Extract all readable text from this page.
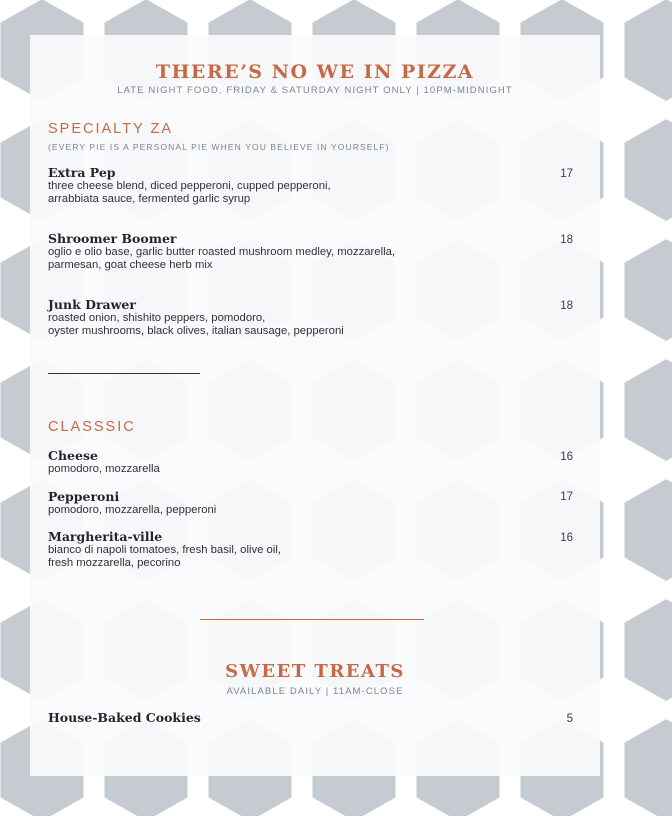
THERE’S NO WE IN PIZZA
LATE NIGHT FOOD, FRIDAY & SATURDAY NIGHT ONLY | 10PM-MIDNIGHT
SPECIALTY ZA
(EVERY PIE IS A PERSONAL PIE WHEN YOU BELIEVE IN YOURSELF)
Extra Pep	17
three cheese blend, diced pepperoni, cupped pepperoni,
arrabbiata sauce, fermented garlic syrup
Shroomer Boomer	18
oglio e olio base, garlic butter roasted mushroom medley, mozzarella,
parmesan, goat cheese herb mix
Junk Drawer	18
roasted onion, shishito peppers, pomodoro,
oyster mushrooms, black olives, italian sausage, pepperoni
CLASSSIC
Cheese	16
pomodoro, mozzarella
Pepperoni	17
pomodoro, mozzarella, pepperoni
Margherita-ville	16
bianco di napoli tomatoes, fresh basil, olive oil,
fresh mozzarella, pecorino
SWEET TREATS
AVAILABLE DAILY | 11AM-CLOSE
House-Baked Cookies	5
